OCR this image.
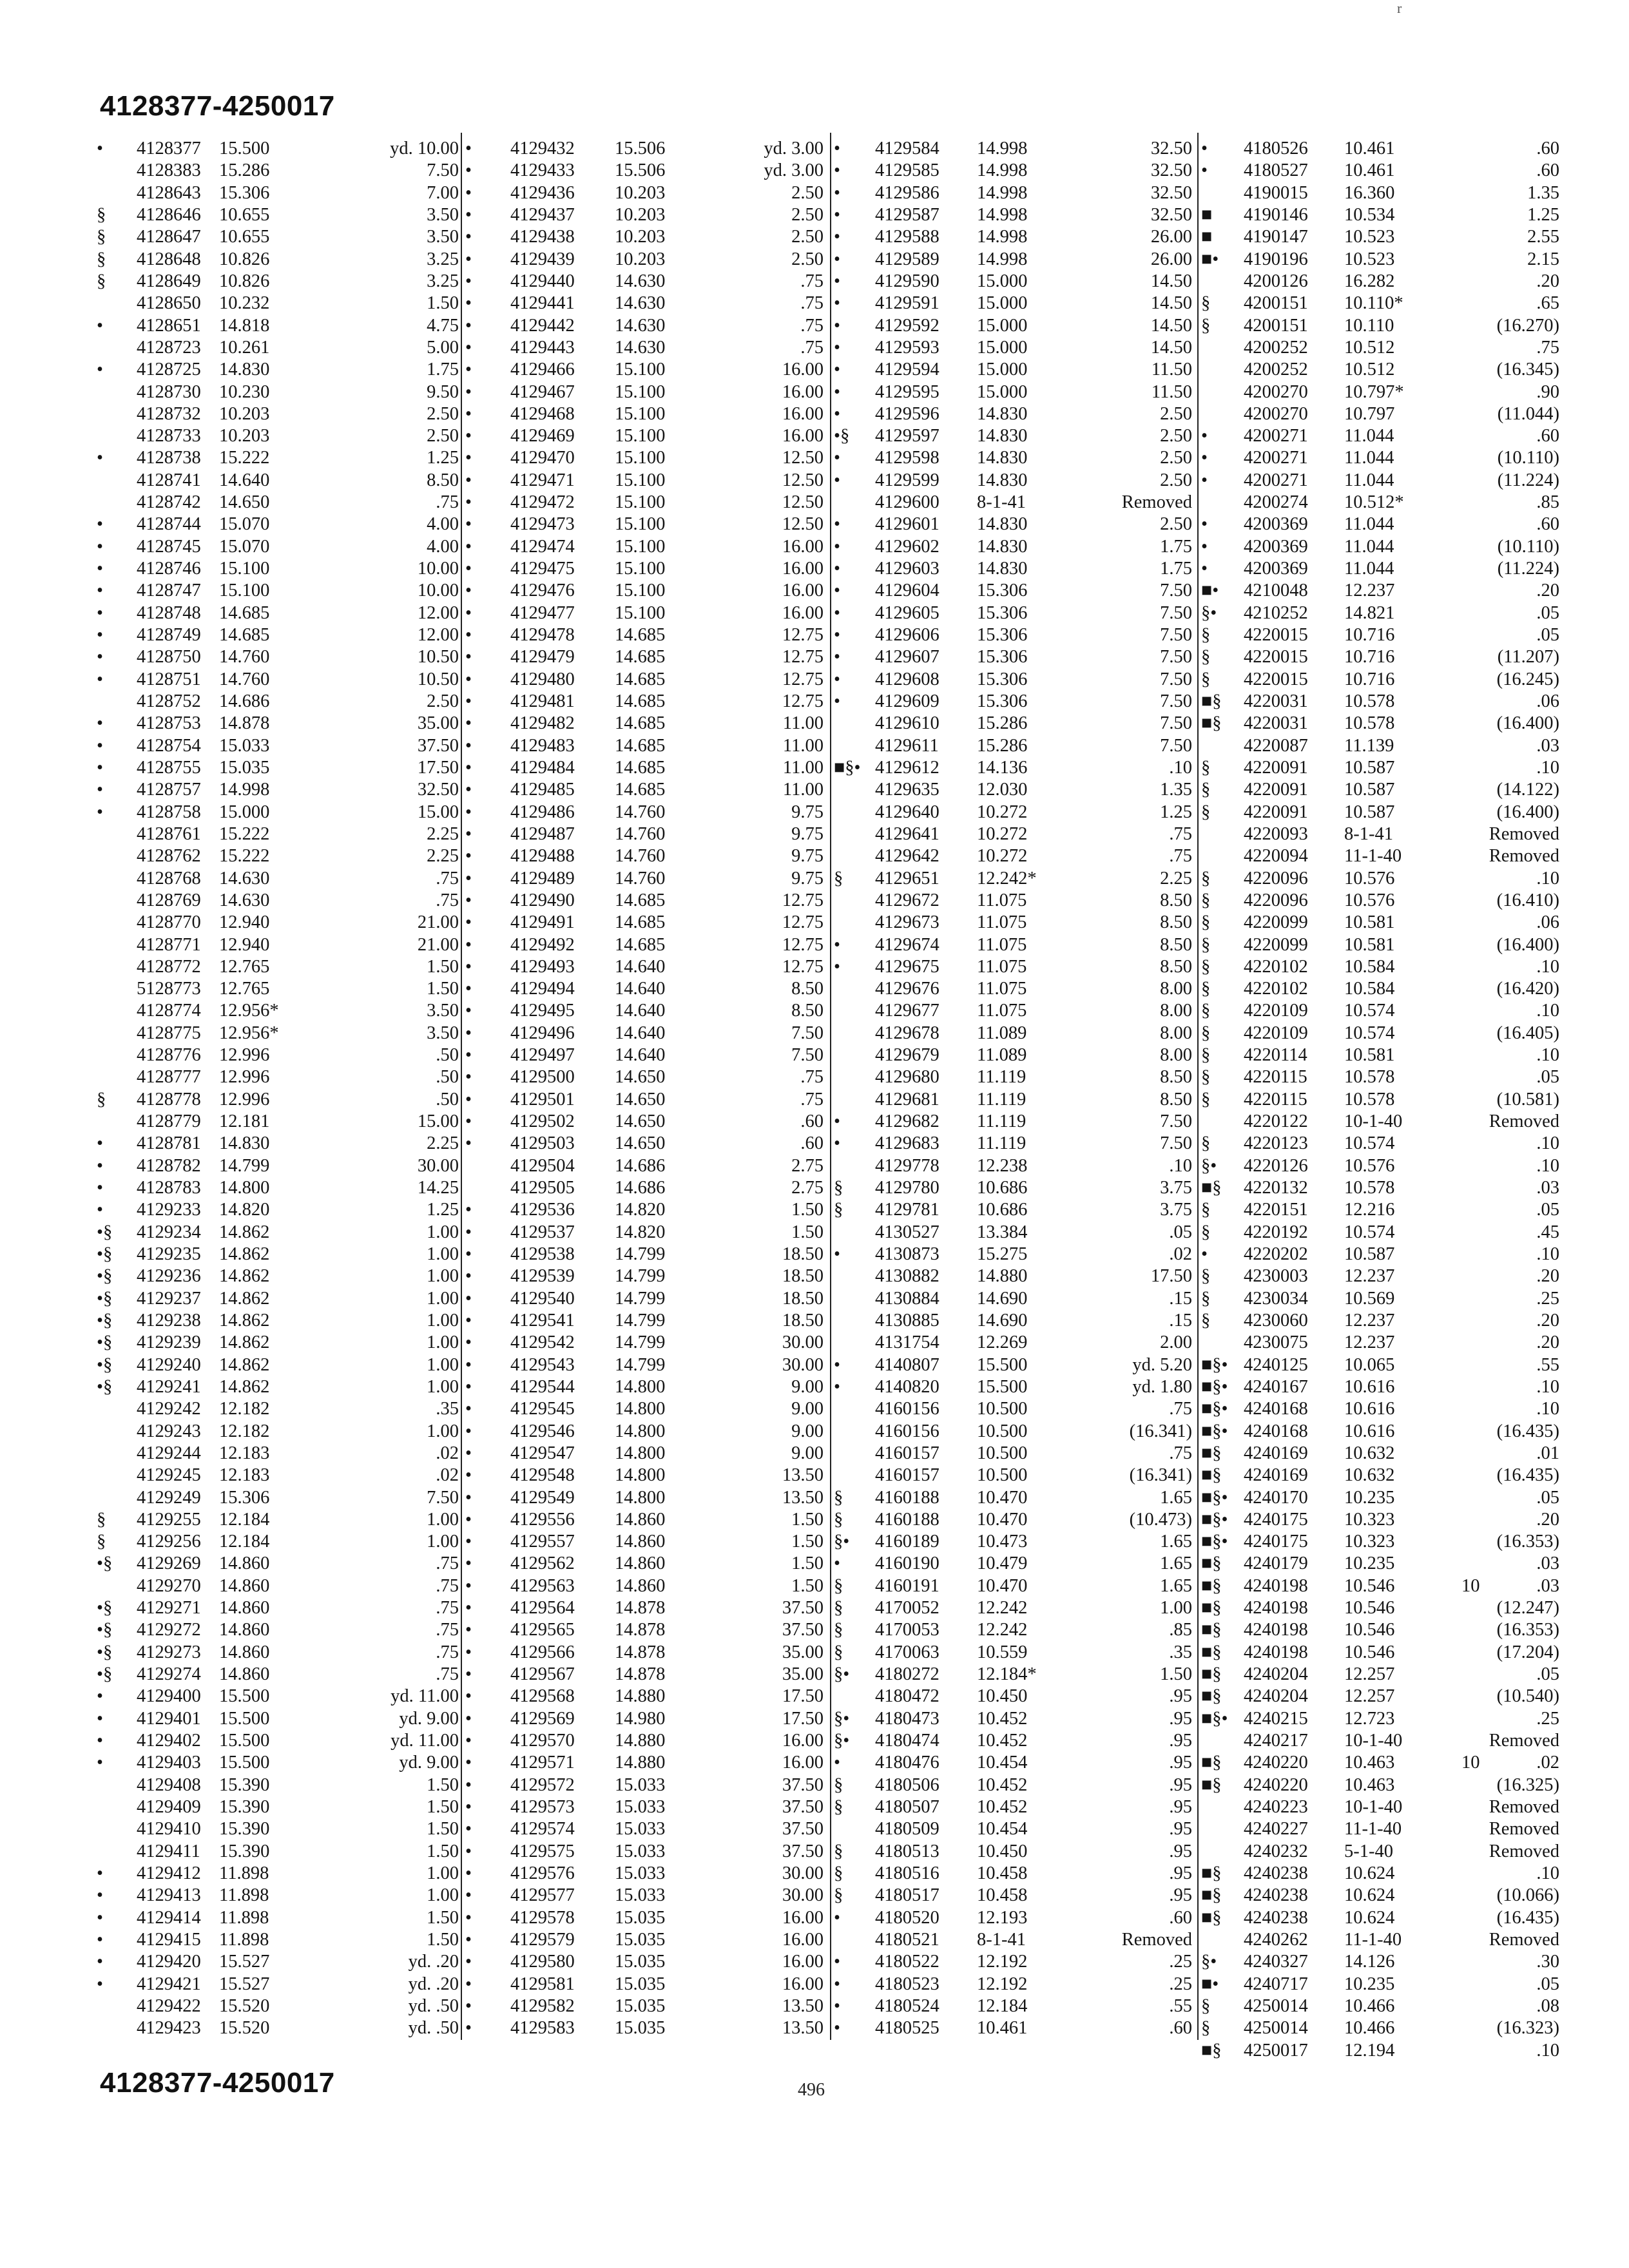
4128377-4250017
r
•	4128377 15.500	yd. 10.00
4128383 15.286	7.50
4128643 15.306	7.00
§	4128646 10.655	3.50
§	4128647 10.655	3.50
§	4128648 10.826	3.25
§	4128649 10.826	3.25
4128650 10.232	1.50
•	4128651 14.818	4.75
4128723 10.261	5.00
•	4128725 14.830	1.75
4128730 10.230	9.50
4128732 10.203	2.50
4128733 10.203	2.50
•	4128738 15.222	1.25
4128741 14.640	8.50
4128742 14.650	.75
•	4128744 15.070	4.00
•	4128745 15.070	4.00
•	4128746 15.100	10.00
•	4128747 15.100	10.00
•	4128748 14.685	12.00
•	4128749 14.685	12.00
•	4128750 14.760	10.50
•	4128751 14.760	10.50
4128752 14.686	2.50
•	4128753 14.878	35.00
•	4128754 15.033	37.50
•	4128755 15.035	17.50
•	4128757 14.998	32.50
•	4128758 15.000	15.00
4128761 15.222	2.25
4128762 15.222	2.25
4128768 14.630	.75
4128769 14.630	.75
4128770 12.940	21.00
4128771 12.940	21.00
4128772 12.765	1.50
5128773 12.765	1.50
4128774 12.956*	3.50
4128775 12.956*	3.50
4128776 12.996	.50
4128777 12.996	.50
§	4128778 12.996	.50
4128779 12.181	15.00
•	4128781 14.830	2.25
•	4128782 14.799	30.00
•	4128783 14.800	14.25
•	4129233 14.820	1.25
•§	4129234 14.862	1.00
•§	4129235 14.862	1.00
•§	4129236 14.862	1.00
•§	4129237 14.862	1.00
•§	4129238 14.862	1.00
•§	4129239 14.862	1.00
•§	4129240 14.862	1.00
•§	4129241 14.862	1.00
4129242 12.182	.35
4129243 12.182	1.00
4129244 12.183	.02
4129245 12.183	.02
4129249 15.306	7.50
§	4129255 12.184	1.00
§	4129256 12.184	1.00
•§	4129269 14.860	.75
4129270 14.860	.75
•§	4129271 14.860	.75
•§	4129272 14.860	.75
•§	4129273 14.860	.75
•§	4129274 14.860	.75
•	4129400 15.500	yd. 11.00
•	4129401 15.500	yd. 9.00
•	4129402 15.500	yd. 11.00
•	4129403 15.500	yd. 9.00
4129408 15.390	1.50
4129409 15.390	1.50
4129410 15.390	1.50
4129411 15.390	1.50
•	4129412 11.898	1.00
•	4129413 11.898	1.00
•	4129414 11.898	1.50
•	4129415 11.898	1.50
•	4129420 15.527	yd. .20
•	4129421 15.527	yd. .20
4129422 15.520	yd. .50
4129423 15.520	yd. .50
•	4129432 15.506	yd. 3.00
•	4129433 15.506	yd. 3.00
•	4129436 10.203	2.50
•	4129437 10.203	2.50
•	4129438 10.203	2.50
•	4129439 10.203	2.50
•	4129440 14.630	.75
•	4129441 14.630	.75
•	4129442 14.630	.75
•	4129443 14.630	.75
•	4129466 15.100	16.00
•	4129467 15.100	16.00
•	4129468 15.100	16.00
•	4129469 15.100	16.00
•	4129470 15.100	12.50
•	4129471 15.100	12.50
•	4129472 15.100	12.50
•	4129473 15.100	12.50
•	4129474 15.100	16.00
•	4129475 15.100	16.00
•	4129476 15.100	16.00
•	4129477 15.100	16.00
•	4129478 14.685	12.75
•	4129479 14.685	12.75
•	4129480 14.685	12.75
•	4129481 14.685	12.75
•	4129482 14.685	11.00
•	4129483 14.685	11.00
•	4129484 14.685	11.00
•	4129485 14.685	11.00
•	4129486 14.760	9.75
•	4129487 14.760	9.75
•	4129488 14.760	9.75
•	4129489 14.760	9.75
•	4129490 14.685	12.75
•	4129491 14.685	12.75
•	4129492 14.685	12.75
•	4129493 14.640	12.75
•	4129494 14.640	8.50
•	4129495 14.640	8.50
•	4129496 14.640	7.50
•	4129497 14.640	7.50
•	4129500 14.650	.75
•	4129501 14.650	.75
•	4129502 14.650	.60
•	4129503 14.650	.60
4129504 14.686	2.75
4129505 14.686	2.75
•	4129536 14.820	1.50
•	4129537 14.820	1.50
•	4129538 14.799	18.50
•	4129539 14.799	18.50
•	4129540 14.799	18.50
•	4129541 14.799	18.50
•	4129542 14.799	30.00
•	4129543 14.799	30.00
•	4129544 14.800	9.00
•	4129545 14.800	9.00
•	4129546 14.800	9.00
•	4129547 14.800	9.00
•	4129548 14.800	13.50
•	4129549 14.800	13.50
•	4129556 14.860	1.50
•	4129557 14.860	1.50
•	4129562 14.860	1.50
•	4129563 14.860	1.50
•	4129564 14.878	37.50
•	4129565 14.878	37.50
•	4129566 14.878	35.00
•	4129567 14.878	35.00
•	4129568 14.880	17.50
•	4129569 14.980	17.50
•	4129570 14.880	16.00
•	4129571 14.880	16.00
•	4129572 15.033	37.50
•	4129573 15.033	37.50
•	4129574 15.033	37.50
•	4129575 15.033	37.50
•	4129576 15.033	30.00
•	4129577 15.033	30.00
•	4129578 15.035	16.00
•	4129579 15.035	16.00
•	4129580 15.035	16.00
•	4129581 15.035	16.00
•	4129582 15.035	13.50
•	4129583 15.035	13.50
•	4129584 14.998	32.50
•	4129585 14.998	32.50
•	4129586 14.998	32.50
•	4129587 14.998	32.50
•	4129588 14.998	26.00
•	4129589 14.998	26.00
•	4129590 15.000	14.50
•	4129591 15.000	14.50
•	4129592 15.000	14.50
•	4129593 15.000	14.50
•	4129594 15.000	11.50
•	4129595 15.000	11.50
•	4129596 14.830	2.50
•§	4129597 14.830	2.50
•	4129598 14.830	2.50
•	4129599 14.830	2.50
4129600 8-1-41	Removed
•	4129601 14.830	2.50
•	4129602 14.830	1.75
•	4129603 14.830	1.75
•	4129604 15.306	7.50
•	4129605 15.306	7.50
•	4129606 15.306	7.50
•	4129607 15.306	7.50
•	4129608 15.306	7.50
•	4129609 15.306	7.50
4129610 15.286	7.50
4129611 15.286	7.50
■§• 4129612 14.136	.10
4129635 12.030	1.35
4129640 10.272	1.25
4129641 10.272	.75
4129642 10.272	.75
§	4129651 12.242*	2.25
4129672 11.075	8.50
4129673 11.075	8.50
•	4129674 11.075	8.50
•	4129675 11.075	8.50
4129676 11.075	8.00
4129677 11.075	8.00
4129678 11.089	8.00
4129679 11.089	8.00
4129680 11.119	8.50
4129681 11.119	8.50
•	4129682 11.119	7.50
•	4129683 11.119	7.50
4129778 12.238	.10
§	4129780 10.686	3.75
§	4129781 10.686	3.75
4130527 13.384	.05
•	4130873 15.275	.02
4130882 14.880	17.50
4130884 14.690	.15
4130885 14.690	.15
4131754 12.269	2.00
•	4140807 15.500	yd. 5.20
•	4140820 15.500	yd. 1.80
4160156 10.500	.75
4160156 10.500	(16.341)
4160157 10.500	.75
4160157 10.500	(16.341)
§	4160188 10.470	1.65
§	4160188 10.470	(10.473)
§•	4160189 10.473	1.65
•	4160190 10.479	1.65
§	4160191 10.470	1.65
§	4170052 12.242	1.00
§	4170053 12.242	.85
§	4170063 10.559	.35
§•	4180272 12.184*	1.50
4180472 10.450	.95
§•	4180473 10.452	.95
§•	4180474 10.452	.95
•	4180476 10.454	.95
§	4180506 10.452	.95
§	4180507 10.452	.95
4180509 10.454	.95
§	4180513 10.450	.95
§	4180516 10.458	.95
§	4180517 10.458	.95
•	4180520 12.193	.60
4180521 8-1-41	Removed
•	4180522 12.192	.25
•	4180523 12.192	.25
•	4180524 12.184	.55
•	4180525 10.461	.60
•	4180526 10.461	.60
•	4180527 10.461	.60
4190015 16.360	1.35
■	4190146 10.534	1.25
■	4190147 10.523	2.55
■•	4190196 10.523	2.15
4200126 16.282	.20
§	4200151 10.110*	.65
§	4200151 10.110	(16.270)
4200252 10.512	.75
4200252 10.512	(16.345)
4200270 10.797*	.90
4200270 10.797	(11.044)
•	4200271 11.044	.60
•	4200271 11.044	(10.110)
•	4200271 11.044	(11.224)
4200274 10.512*	.85
•	4200369 11.044	.60
•	4200369 11.044	(10.110)
•	4200369 11.044	(11.224)
■•	4210048 12.237	.20
§•	4210252 14.821	.05
§	4220015 10.716	.05
§	4220015 10.716	(11.207)
§	4220015 10.716	(16.245)
■§	4220031 10.578	.06
■§	4220031 10.578	(16.400)
4220087 11.139	.03
§	4220091 10.587	.10
§	4220091 10.587	(14.122)
§	4220091 10.587	(16.400)
4220093 8-1-41	Removed
4220094 11-1-40	Removed
§	4220096 10.576	.10
§	4220096 10.576	(16.410)
§	4220099 10.581	.06
§	4220099 10.581	(16.400)
§	4220102 10.584	.10
§	4220102 10.584	(16.420)
§	4220109 10.574	.10
§	4220109 10.574	(16.405)
§	4220114 10.581	.10
§	4220115 10.578	.05
§	4220115 10.578	(10.581)
4220122 10-1-40	Removed
§	4220123 10.574	.10
§•	4220126 10.576	.10
■§	4220132 10.578	.03
§	4220151 12.216	.05
§	4220192 10.574	.45
•	4220202 10.587	.10
§	4230003 12.237	.20
§	4230034 10.569	.25
§	4230060 12.237	.20
4230075 12.237	.20
■§• 4240125 10.065	.55
■§• 4240167 10.616	.10
■§• 4240168 10.616	.10
■§• 4240168 10.616	(16.435)
■§	4240169 10.632	.01
■§	4240169 10.632	(16.435)
■§• 4240170 10.235	.05
■§• 4240175 10.323	.20
■§• 4240175 10.323	(16.353)
■§	4240179 10.235	.03
■§	4240198 10.546	10	.03
■§	4240198 10.546	(12.247)
■§	4240198 10.546	(16.353)
■§	4240198 10.546	(17.204)
■§	4240204 12.257	.05
■§	4240204 12.257	(10.540)
■§• 4240215 12.723	.25
4240217 10-1-40	Removed
■§	4240220 10.463	10	.02
■§	4240220 10.463	(16.325)
4240223 10-1-40	Removed
4240227 11-1-40	Removed
4240232 5-1-40	Removed
■§	4240238 10.624	.10
■§	4240238 10.624	(10.066)
■§	4240238 10.624	(16.435)
4240262 11-1-40	Removed
§•	4240327 14.126	.30
■•	4240717 10.235	.05
§	4250014 10.466	.08
§	4250014 10.466	(16.323)
■§	4250017 12.194	.10
4128377-4250017	496
